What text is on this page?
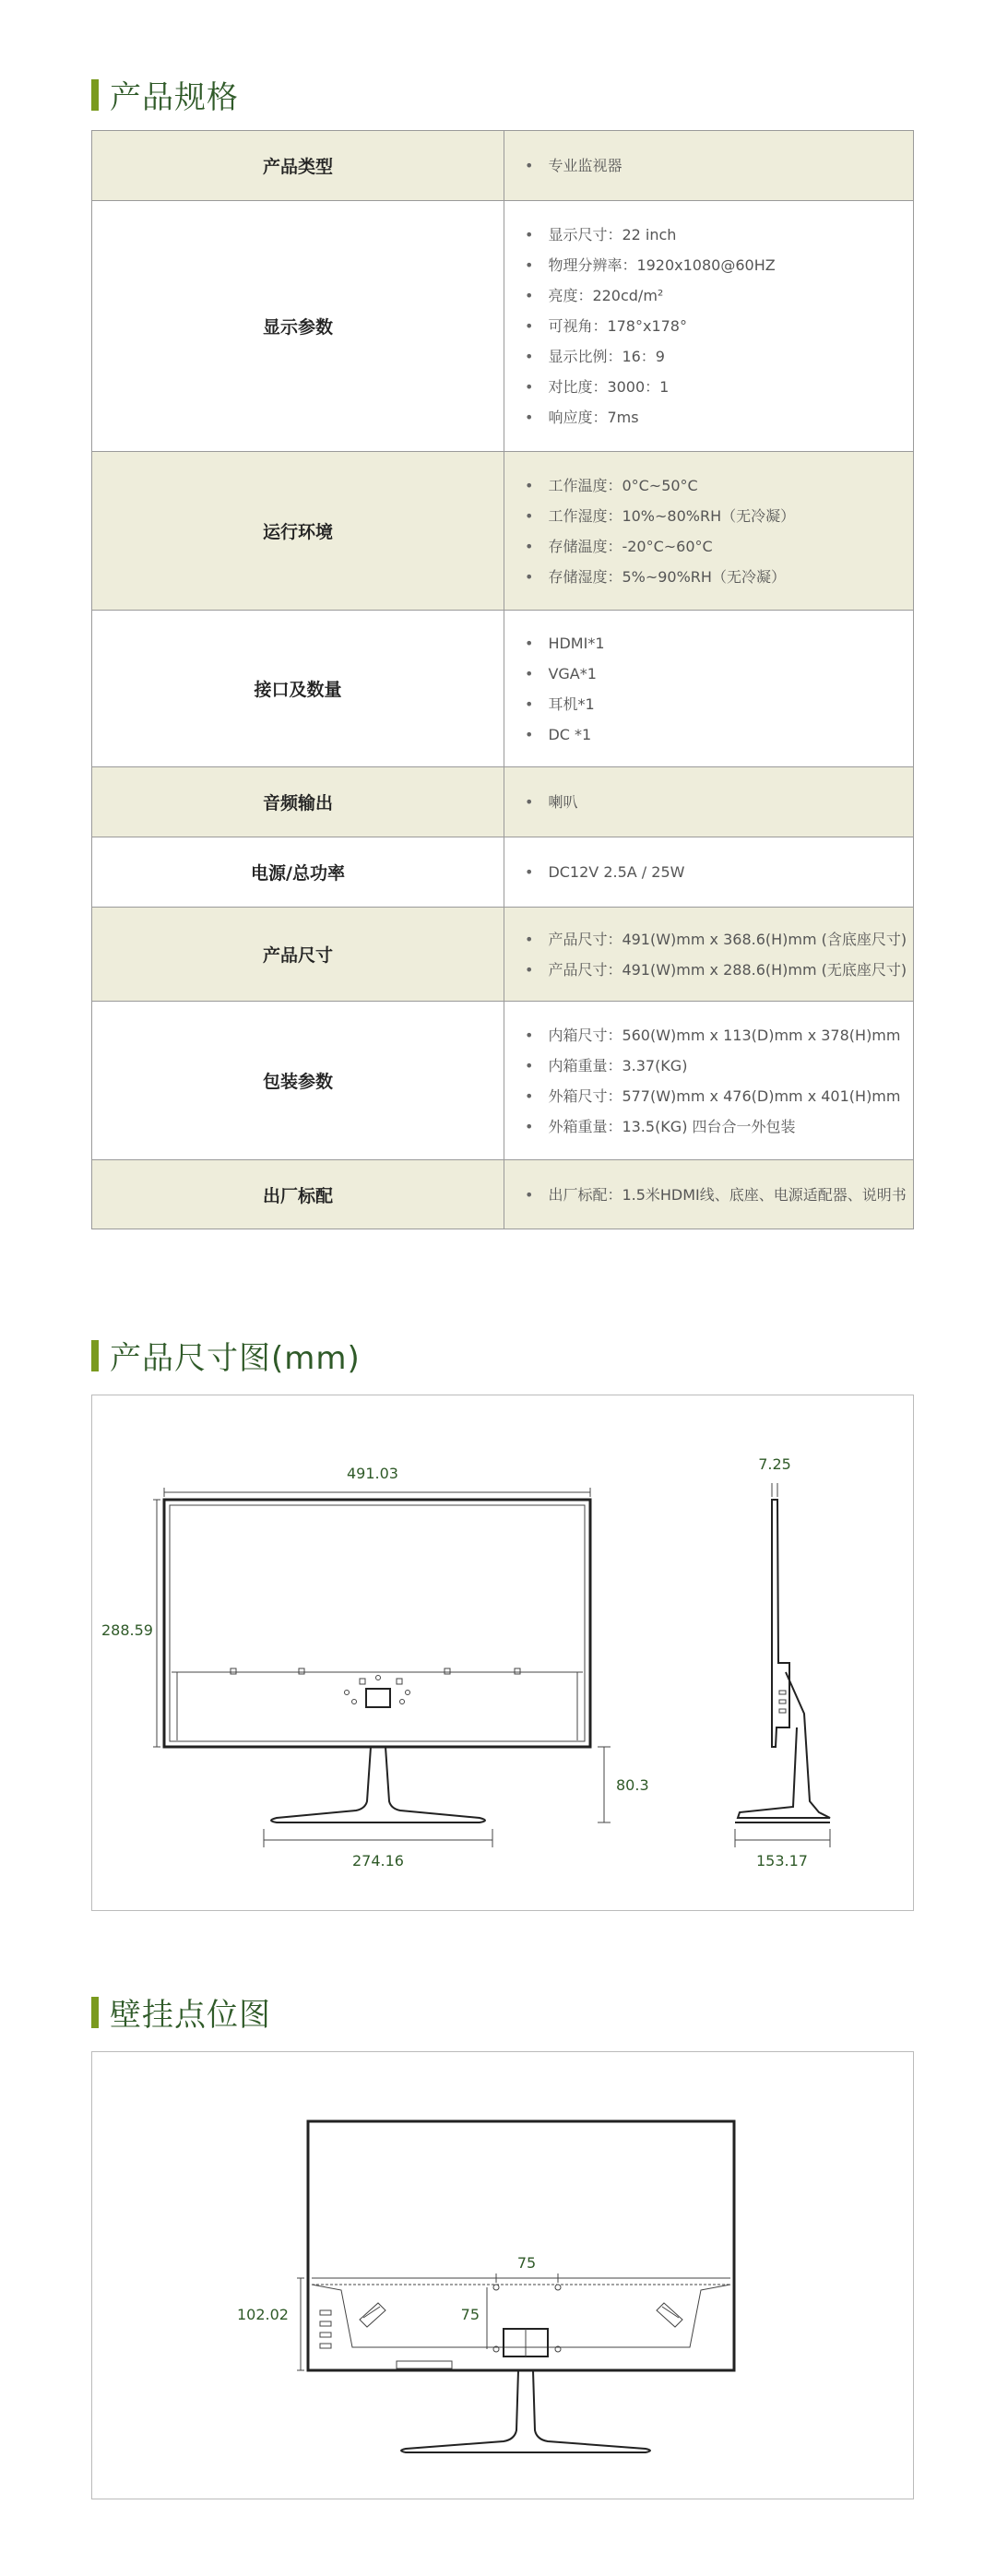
产品规格
产品类型	• 专业监视器
显示参数
• 显示尺寸：22 inch
• 物理分辨率：1920x1080@60HZ
• 亮度：220cd/m²
• 可视角：178°x178°
• 显示比例：16：9
• 对比度：3000：1
• 响应度：7ms
运行环境
• 工作温度：0°C~50°C
• 工作湿度：10%~80%RH（无冷凝）
• 存储温度：-20°C~60°C
• 存储湿度：5%~90%RH（无冷凝）
接口及数量
• HDMI*1
• VGA*1
• 耳机*1
• DC *1
音频输出	• 喇叭
电源/总功率	• DC12V 2.5A / 25W
产品尺寸
• 产品尺寸：491(W)mm x 368.6(H)mm (含底座尺寸)
• 产品尺寸：491(W)mm x 288.6(H)mm (无底座尺寸)
包装参数
• 内箱尺寸：560(W)mm x 113(D)mm x 378(H)mm
• 内箱重量：3.37(KG)
• 外箱尺寸：577(W)mm x 476(D)mm x 401(H)mm
• 外箱重量：13.5(KG) 四台合一外包装
出厂标配	• 出厂标配：1.5米HDMI线、底座、电源适配器、说明书
产品尺寸图(mm)
491.03
288.59
80.3
274.16
7.25
153.17
壁挂点位图
75
75
102.02
